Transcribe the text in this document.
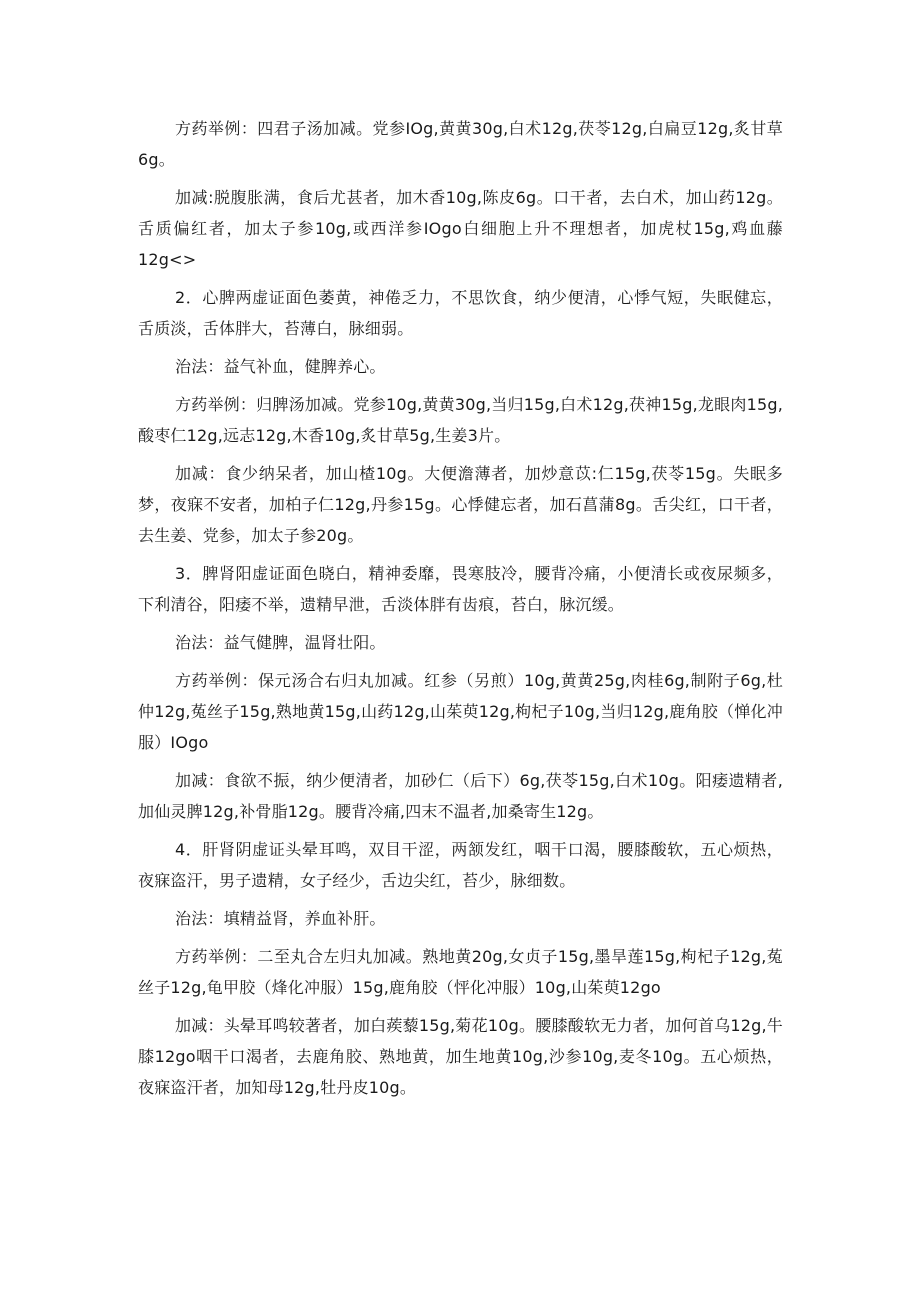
方药举例：四君子汤加减。党参IOg,黄黄30g,白术12g,茯苓12g,白扁豆12g,炙甘草6g。

加减:脱腹胀满，食后尤甚者，加木香10g,陈皮6g。口干者，去白术，加山药12g。舌质偏红者，加太子参10g,或西洋参IOgo白细胞上升不理想者，加虎杖15g,鸡血藤12g<>

2．心脾两虚证面色萎黄，神倦乏力，不思饮食，纳少便清，心悸气短，失眠健忘，舌质淡，舌体胖大，苔薄白，脉细弱。

治法：益气补血，健脾养心。

方药举例：归脾汤加减。党参10g,黄黄30g,当归15g,白术12g,茯神15g,龙眼肉15g,酸枣仁12g,远志12g,木香10g,炙甘草5g,生姜3片。

加减：食少纳呆者，加山楂10g。大便澹薄者，加炒意苡:仁15g,茯苓15g。失眠多梦，夜寐不安者，加柏子仁12g,丹参15g。心悸健忘者，加石菖蒲8g。舌尖红，口干者，去生姜、党参，加太子参20g。

3．脾肾阳虚证面色晓白，精神委靡，畏寒肢冷，腰背冷痛，小便清长或夜尿频多，下利清谷，阳痿不举，遗精早泄，舌淡体胖有齿痕，苔白，脉沉缓。

治法：益气健脾，温肾壮阳。

方药举例：保元汤合右归丸加减。红参（另煎）10g,黄黄25g,肉桂6g,制附子6g,杜仲12g,菟丝子15g,熟地黄15g,山药12g,山茱萸12g,枸杞子10g,当归12g,鹿角胶（惮化冲服）IOgo

加减：食欲不振，纳少便清者，加砂仁（后下）6g,茯苓15g,白术10g。阳痿遗精者,加仙灵脾12g,补骨脂12g。腰背冷痛,四末不温者,加桑寄生12g。

4．肝肾阴虚证头晕耳鸣，双目干涩，两颔发红，咽干口渴，腰膝酸软，五心烦热，夜寐盗汗，男子遗精，女子经少，舌边尖红，苔少，脉细数。

治法：填精益肾，养血补肝。

方药举例：二至丸合左归丸加减。熟地黄20g,女贞子15g,墨旱莲15g,枸杞子12g,菟丝子12g,龟甲胶（烽化冲服）15g,鹿角胶（怦化冲服）10g,山茱萸12go

加减：头晕耳鸣较著者，加白蒺藜15g,菊花10g。腰膝酸软无力者，加何首乌12g,牛膝12go咽干口渴者，去鹿角胶、熟地黄，加生地黄10g,沙参10g,麦冬10g。五心烦热，夜寐盗汗者，加知母12g,牡丹皮10g。
